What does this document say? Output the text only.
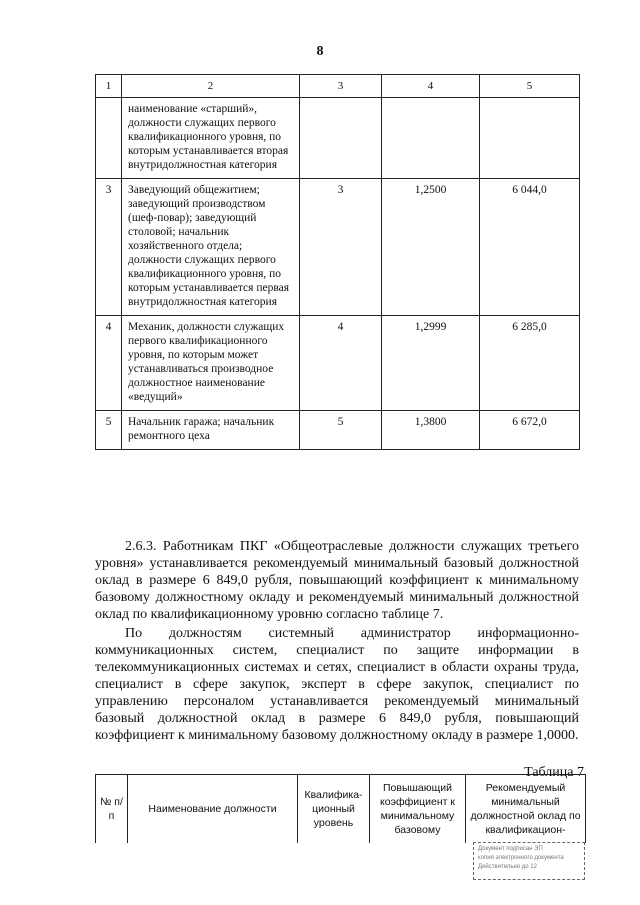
8
1	2	3	4	5
	наименование «старший», должности служащих первого квалификационного уровня, по которым устанавливается вторая внутридолжностная категория			
3	Заведующий общежитием; заведующий производством (шеф-повар); заведующий столовой; начальник хозяйственного отдела; должности служащих первого квалификационного уровня, по которым устанавливается первая внутридолжностная категория	3	1,2500	6 044,0
4	Механик, должности служащих первого квалификационного уровня, по которым может устанавливаться производное должностное наименование «ведущий»	4	1,2999	6 285,0
5	Начальник гаража; начальник ремонтного цеха	5	1,3800	6 672,0

2.6.3. Работникам ПКГ «Общеотраслевые должности служащих третьего уровня» устанавливается рекомендуемый минимальный базовый должностной оклад в размере 6 849,0 рубля, повышающий коэффициент к минимальному базовому должностному окладу и рекомендуемый минимальный должностной оклад по квалификационному уровню согласно таблице 7.

По должностям системный администратор информационно-коммуникационных систем, специалист по защите информации в телекоммуникационных системах и сетях, специалист в области охраны труда, специалист в сфере закупок, эксперт в сфере закупок, специалист по управлению персоналом устанавливается рекомендуемый минимальный базовый должностной оклад в размере 6 849,0 рубля, повышающий коэффициент к минимальному базовому должностному окладу в размере 1,0000.

Таблица 7
№ п/п	Наименование должности	Квалифика-ционный уровень	Повышающий коэффициент к минимальному базовому	Рекомендуемый минимальный должностной оклад по квалификацион-
Документ подписан ЭП
копия электронного документа
Действительно до 12
